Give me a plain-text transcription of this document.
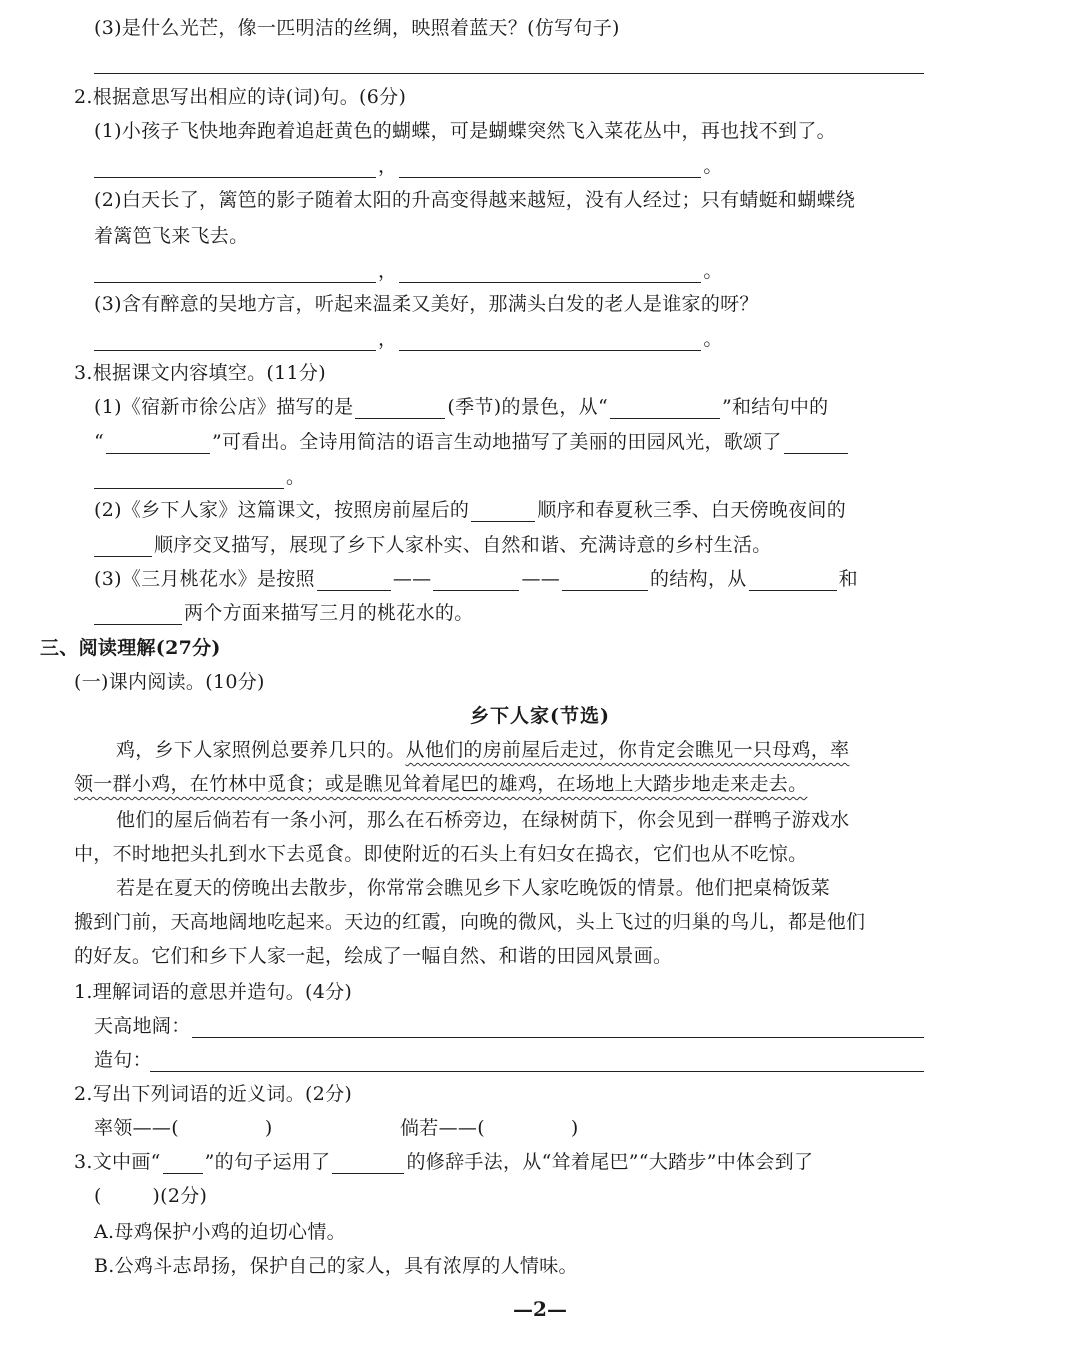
(3)是什么光芒，像一匹明洁的丝绸，映照着蓝天？(仿写句子)
2.根据意思写出相应的诗(词)句。(6分)
(1)小孩子飞快地奔跑着追赶黄色的蝴蝶，可是蝴蝶突然飞入菜花丛中，再也找不到了。
，	。
(2)白天长了，篱笆的影子随着太阳的升高变得越来越短，没有人经过；只有蜻蜓和蝴蝶绕
着篱笆飞来飞去。
，	。
(3)含有醉意的吴地方言，听起来温柔又美好，那满头白发的老人是谁家的呀？
，	。
3.根据课文内容填空。(11分)
(1)《宿新市徐公店》描写的是	(季节)的景色，从“	”和结句中的
“	”可看出。全诗用简洁的语言生动地描写了美丽的田园风光，歌颂了
。
(2)《乡下人家》这篇课文，按照房前屋后的	顺序和春夏秋三季、白天傍晚夜间的
顺序交叉描写，展现了乡下人家朴实、自然和谐、充满诗意的乡村生活。
(3)《三月桃花水》是按照	——	——	的结构，从	和
两个方面来描写三月的桃花水的。
三、阅读理解(27分)
(一)课内阅读。(10分)
乡下人家(节选)
鸡，乡下人家照例总要养几只的。从他们的房前屋后走过，你肯定会瞧见一只母鸡，率
领一群小鸡，在竹林中觅食；或是瞧见耸着尾巴的雄鸡，在场地上大踏步地走来走去。
他们的屋后倘若有一条小河，那么在石桥旁边，在绿树荫下，你会见到一群鸭子游戏水
中，不时地把头扎到水下去觅食。即使附近的石头上有妇女在捣衣，它们也从不吃惊。
若是在夏天的傍晚出去散步，你常常会瞧见乡下人家吃晚饭的情景。他们把桌椅饭菜
搬到门前，天高地阔地吃起来。天边的红霞，向晚的微风，头上飞过的归巢的鸟儿，都是他们
的好友。它们和乡下人家一起，绘成了一幅自然、和谐的田园风景画。
1.理解词语的意思并造句。(4分)
天高地阔：
造句：
2.写出下列词语的近义词。(2分)
率领——(	)	倘若——(	)
3.文中画“ ”的句子运用了	的修辞手法，从“耸着尾巴”“大踏步”中体会到了
(        )(2分)
A.母鸡保护小鸡的迫切心情。
B.公鸡斗志昂扬，保护自己的家人，具有浓厚的人情味。
—2—
